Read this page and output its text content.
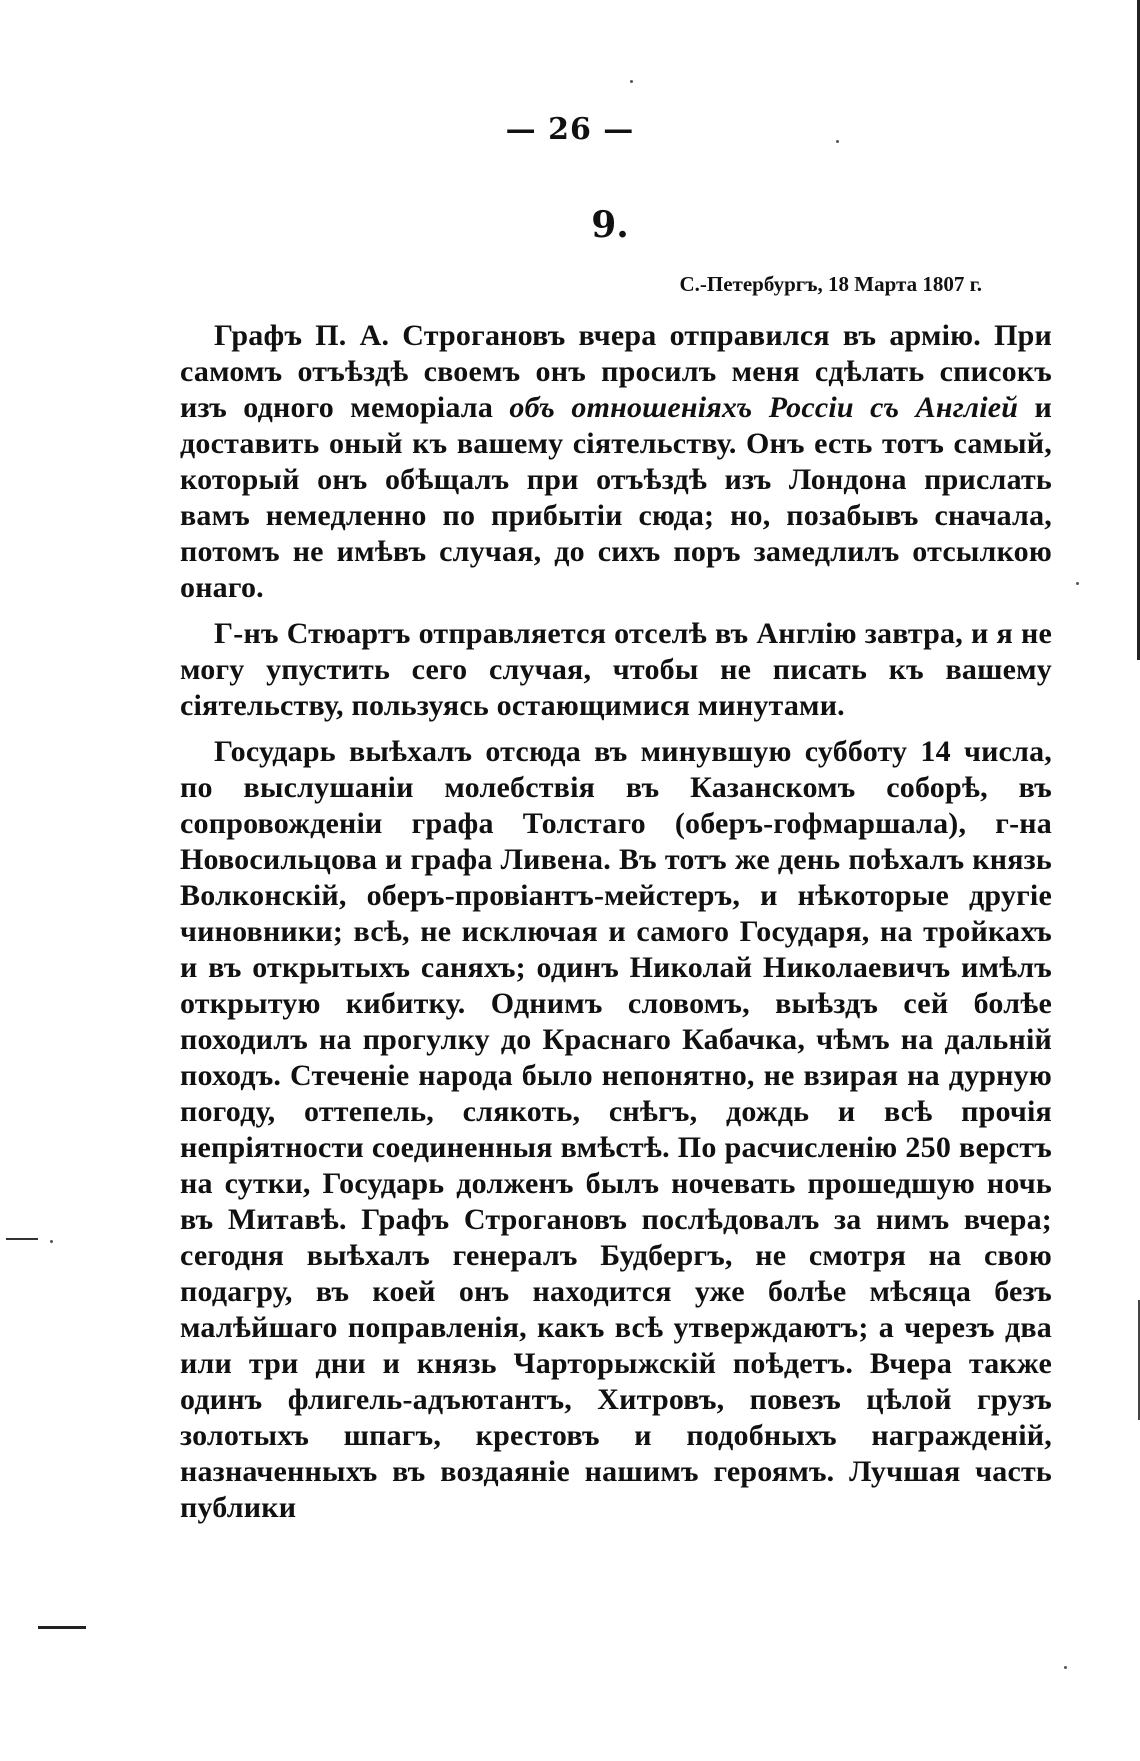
— 26 —
9.
С.-Петербургъ, 18 Марта 1807 г.

Графъ П. А. Строгановъ вчера отправился въ армію. При самомъ отъѣздѣ своемъ онъ просилъ меня сдѣлать списокъ изъ одного меморіала объ отношеніяхъ Россіи съ Англіей и доставить оный къ вашему сіятельству. Онъ есть тотъ самый, который онъ обѣщалъ при отъѣздѣ изъ Лондона прислать вамъ немедленно по прибытіи сюда; но, позабывъ сначала, потомъ не имѣвъ случая, до сихъ поръ замедлилъ отсылкою онаго.

Г-нъ Стюартъ отправляется отселѣ въ Англію завтра, и я не могу упустить сего случая, чтобы не писать къ вашему сіятельству, пользуясь остающимися минутами.

Государь выѣхалъ отсюда въ минувшую субботу 14 числа, по выслушаніи молебствія въ Казанскомъ соборѣ, въ сопровожденіи графа Толстаго (оберъ-гофмаршала), г-на Новосильцова и графа Ливена. Въ тотъ же день поѣхалъ князь Волконскій, оберъ-провіантъ-мейстеръ, и нѣкоторые другіе чиновники; всѣ, не исключая и самого Государя, на тройкахъ и въ открытыхъ саняхъ; одинъ Николай Николаевичъ имѣлъ открытую кибитку. Однимъ словомъ, выѣздъ сей болѣе походилъ на прогулку до Краснаго Кабачка, чѣмъ на дальній походъ. Стеченіе народа было непонятно, не взирая на дурную погоду, оттепель, слякоть, снѣгъ, дождь и всѣ прочія непріятности соединенныя вмѣстѣ. По расчисленію 250 верстъ на сутки, Государь долженъ былъ ночевать прошедшую ночь въ Митавѣ. Графъ Строгановъ послѣдовалъ за нимъ вчера; сегодня выѣхалъ генералъ Будбергъ, не смотря на свою подагру, въ коей онъ находится уже болѣе мѣсяца безъ малѣйшаго поправленія, какъ всѣ утверждаютъ; а черезъ два или три дни и князь Чарторыжскій поѣдетъ. Вчера также одинъ флигель-адъютантъ, Хитровъ, повезъ цѣлой грузъ золотыхъ шпагъ, крестовъ и подобныхъ награжденій, назначенныхъ въ воздаяніе нашимъ героямъ. Лучшая часть публики
